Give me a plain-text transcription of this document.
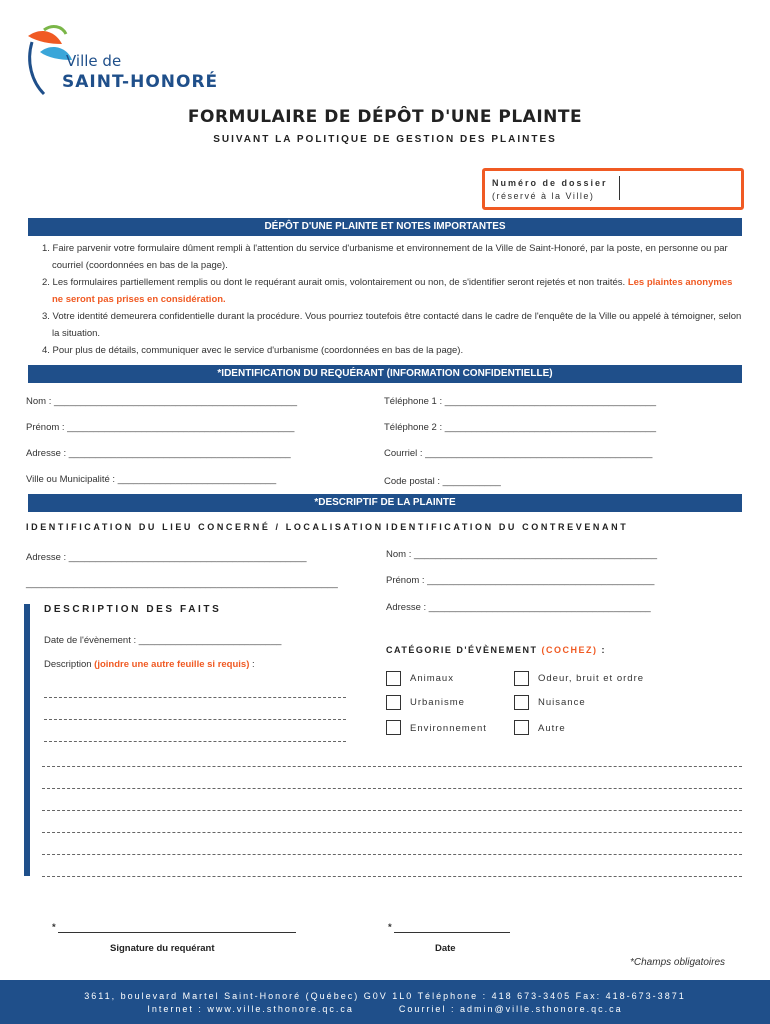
Ville de
SAINT-HONORÉ
FORMULAIRE DE DÉPÔT D'UNE PLAINTE
SUIVANT LA POLITIQUE DE GESTION DES PLAINTES
Numéro de dossier
(réservé à la Ville)
DÉPÔT D'UNE PLAINTE ET NOTES IMPORTANTES
1. Faire parvenir votre formulaire dûment rempli à l'attention du service d'urbanisme et environnement de la Ville de Saint-Honoré, par la poste, en personne ou par courriel (coordonnées en bas de la page).
2. Les formulaires partiellement remplis ou dont le requérant aurait omis, volontairement ou non, de s'identifier seront rejetés et non traités. Les plaintes anonymes ne seront pas prises en considération.
3. Votre identité demeurera confidentielle durant la procédure. Vous pourriez toutefois être contacté dans le cadre de l'enquête de la Ville ou appelé à témoigner, selon la situation.
4. Pour plus de détails, communiquer avec le service d'urbanisme (coordonnées en bas de la page).
*IDENTIFICATION DU REQUÉRANT (INFORMATION CONFIDENTIELLE)
Nom : ______________________________________________
Prénom : ___________________________________________
Adresse : __________________________________________
Ville ou Municipalité : ______________________________
Téléphone 1 : ________________________________________
Téléphone 2 : ________________________________________
Courriel : ___________________________________________
Code postal : ___________
*DESCRIPTIF DE LA PLAINTE
IDENTIFICATION DU LIEU CONCERNÉ / LOCALISATION
Adresse : _____________________________________________
___________________________________________________________
IDENTIFICATION DU CONTREVENANT
Nom : ______________________________________________
Prénom : ___________________________________________
Adresse : __________________________________________
DESCRIPTION DES FAITS
Date de l'évènement : ___________________________
Description (joindre une autre feuille si requis) :
CATÉGORIE D'ÉVÈNEMENT (COCHEZ) :
Animaux	Odeur, bruit et ordre
Urbanisme	Nuisance
Environnement	Autre
*
Signature du requérant
*
Date
*Champs obligatoires
3611, boulevard Martel Saint-Honoré (Québec) G0V 1L0 Téléphone : 418 673-3405 Fax: 418-673-3871
Internet : www.ville.sthonore.qc.ca          Courriel : admin@ville.sthonore.qc.ca
